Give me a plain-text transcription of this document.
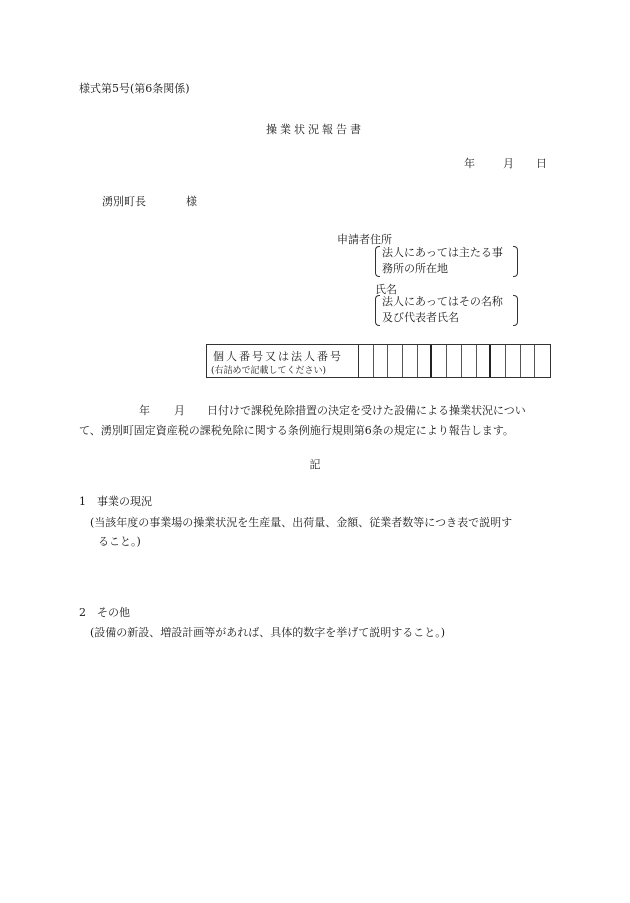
様式第5号(第6条関係)
操業状況報告書
年	月 日
湧別町長	様
申請者住所
法人にあっては主たる事
務所の所在地
氏名
法人にあってはその名称
及び代表者氏名
個人番号又は法人番号
(右詰めで記載してください)
年 月 日付けで課税免除措置の決定を受けた設備による操業状況につい
て、湧別町固定資産税の課税免除に関する条例施行規則第6条の規定により報告します。
記
1　事業の現況
(当該年度の事業場の操業状況を生産量、出荷量、金額、従業者数等につき表で説明す
ること。)
2　その他
(設備の新設、増設計画等があれば、具体的数字を挙げて説明すること。)
